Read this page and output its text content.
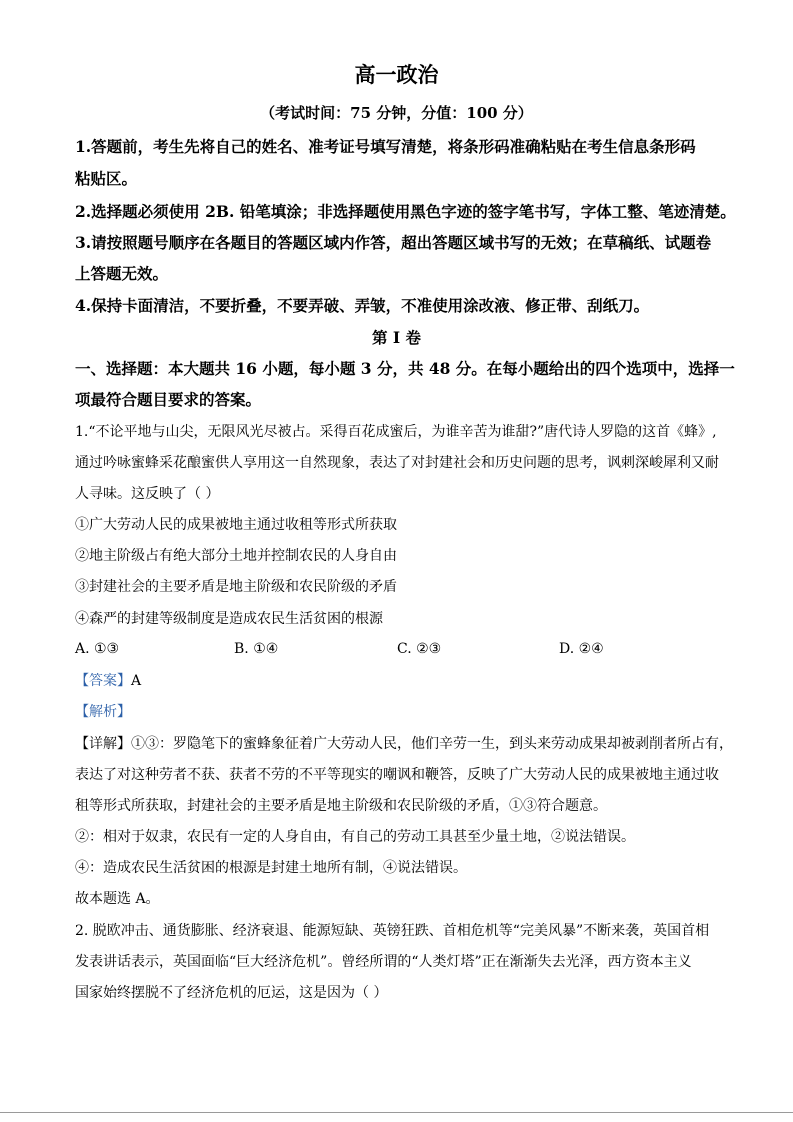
高一政治
（考试时间：75 分钟，分值：100 分）
1.答题前，考生先将自己的姓名、准考证号填写清楚，将条形码准确粘贴在考生信息条形码
粘贴区。
2.选择题必须使用 2B. 铅笔填涂；非选择题使用黑色字迹的签字笔书写，字体工整、笔迹清楚。
3.请按照题号顺序在各题目的答题区域内作答，超出答题区域书写的无效；在草稿纸、试题卷
上答题无效。
4.保持卡面清洁，不要折叠，不要弄破、弄皱，不准使用涂改液、修正带、刮纸刀。
第 I 卷
一、选择题：本大题共 16 小题，每小题 3 分，共 48 分。在每小题给出的四个选项中，选择一
项最符合题目要求的答案。
1.“不论平地与山尖，无限风光尽被占。采得百花成蜜后，为谁辛苦为谁甜?”唐代诗人罗隐的这首《蜂》,
通过吟咏蜜蜂采花酿蜜供人享用这一自然现象，表达了对封建社会和历史问题的思考，讽刺深峻犀利又耐
人寻味。这反映了（ ）
①广大劳动人民的成果被地主通过收租等形式所获取
②地主阶级占有绝大部分土地并控制农民的人身自由
③封建社会的主要矛盾是地主阶级和农民阶级的矛盾
④森严的封建等级制度是造成农民生活贫困的根源
A. ①③	B. ①④	C. ②③	D. ②④
【答案】A
【解析】
【详解】①③：罗隐笔下的蜜蜂象征着广大劳动人民，他们辛劳一生，到头来劳动成果却被剥削者所占有，
表达了对这种劳者不获、获者不劳的不平等现实的嘲讽和鞭答，反映了广大劳动人民的成果被地主通过收
租等形式所获取，封建社会的主要矛盾是地主阶级和农民阶级的矛盾，①③符合题意。
②：相对于奴隶，农民有一定的人身自由，有自己的劳动工具甚至少量土地，②说法错误。
④：造成农民生活贫困的根源是封建土地所有制，④说法错误。
故本题选 A。
2. 脱欧冲击、通货膨胀、经济衰退、能源短缺、英镑狂跌、首相危机等“完美风暴”不断来袭，英国首相
发表讲话表示，英国面临“巨大经济危机”。曾经所谓的“人类灯塔”正在渐渐失去光泽，西方资本主义
国家始终摆脱不了经济危机的厄运，这是因为（ ）
